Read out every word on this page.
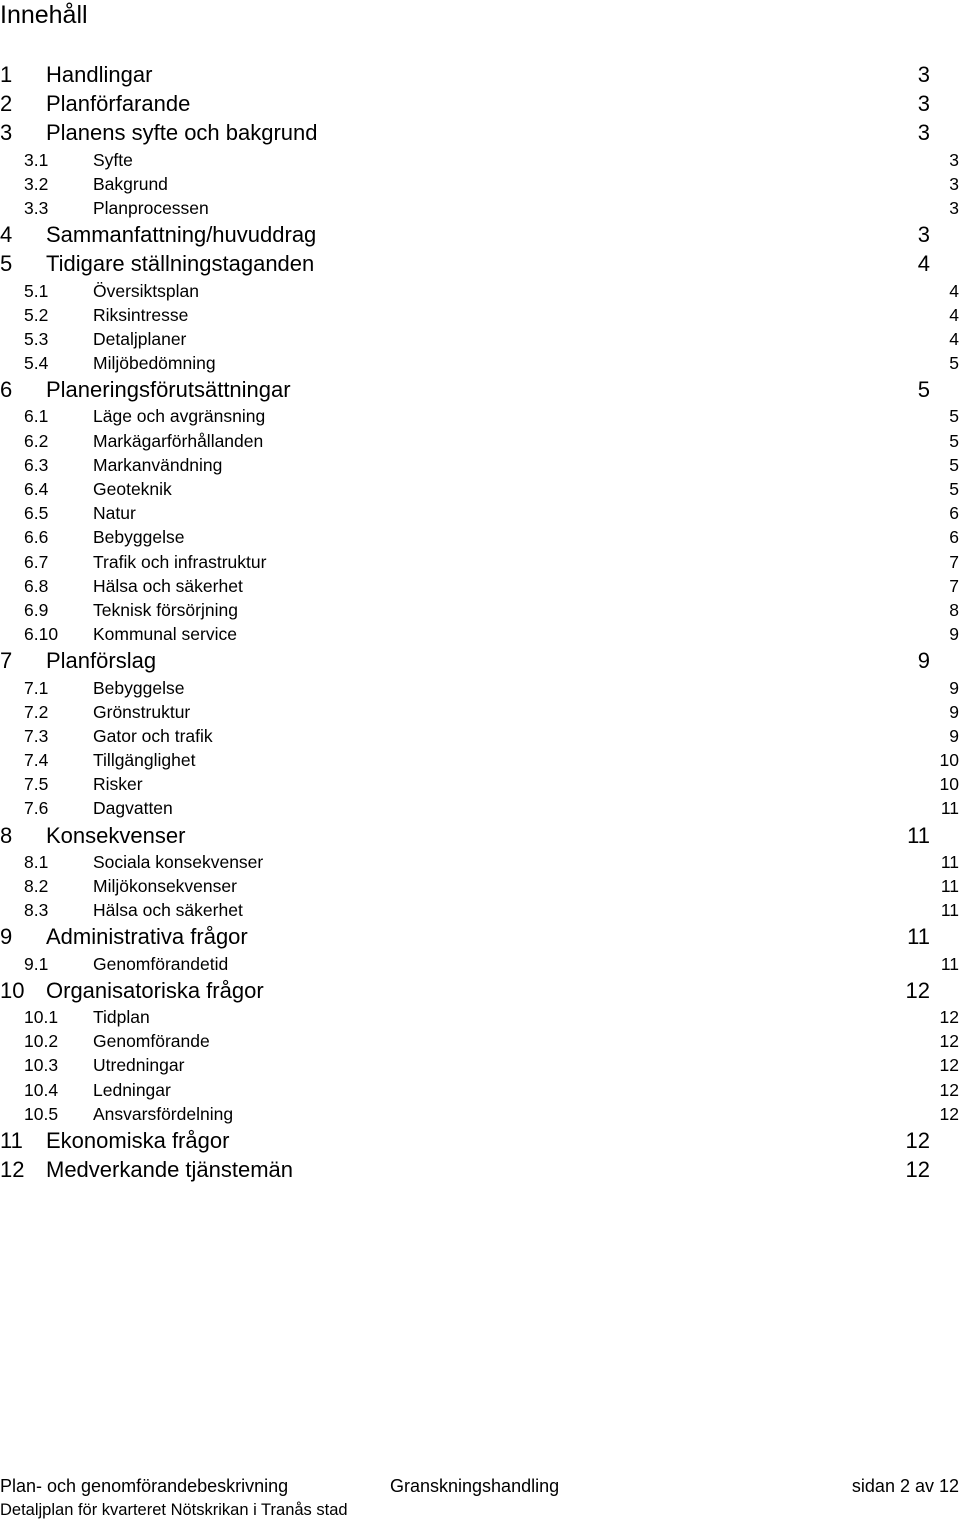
Innehåll
1 Handlingar	3
2 Planförfarande	3
3 Planens syfte och bakgrund	3
3.1	Syfte	3
3.2	Bakgrund	3
3.3	Planprocessen	3
4 Sammanfattning/huvuddrag	3
5 Tidigare ställningstaganden	4
5.1	Översiktsplan	4
5.2	Riksintresse	4
5.3	Detaljplaner	4
5.4	Miljöbedömning	5
6 Planeringsförutsättningar	5
6.1	Läge och avgränsning	5
6.2	Markägarförhållanden	5
6.3	Markanvändning	5
6.4	Geoteknik	5
6.5	Natur	6
6.6	Bebyggelse	6
6.7	Trafik och infrastruktur	7
6.8	Hälsa och säkerhet	7
6.9	Teknisk försörjning	8
6.10 Kommunal service	9
7 Planförslag	9
7.1	Bebyggelse	9
7.2	Grönstruktur	9
7.3	Gator och trafik	9
7.4	Tillgänglighet	10
7.5	Risker	10
7.6	Dagvatten	11
8 Konsekvenser	11
8.1	Sociala konsekvenser	11
8.2	Miljökonsekvenser	11
8.3	Hälsa och säkerhet	11
9 Administrativa frågor	11
9.1	Genomförandetid	11
10 Organisatoriska frågor	12
10.1 Tidplan	12
10.2 Genomförande	12
10.3 Utredningar	12
10.4 Ledningar	12
10.5 Ansvarsfördelning	12
11 Ekonomiska frågor	12
12 Medverkande tjänstemän	12
Plan- och genomförandebeskrivning	Granskningshandling	sidan 2 av 12
Detaljplan för kvarteret Nötskrikan i Tranås stad
